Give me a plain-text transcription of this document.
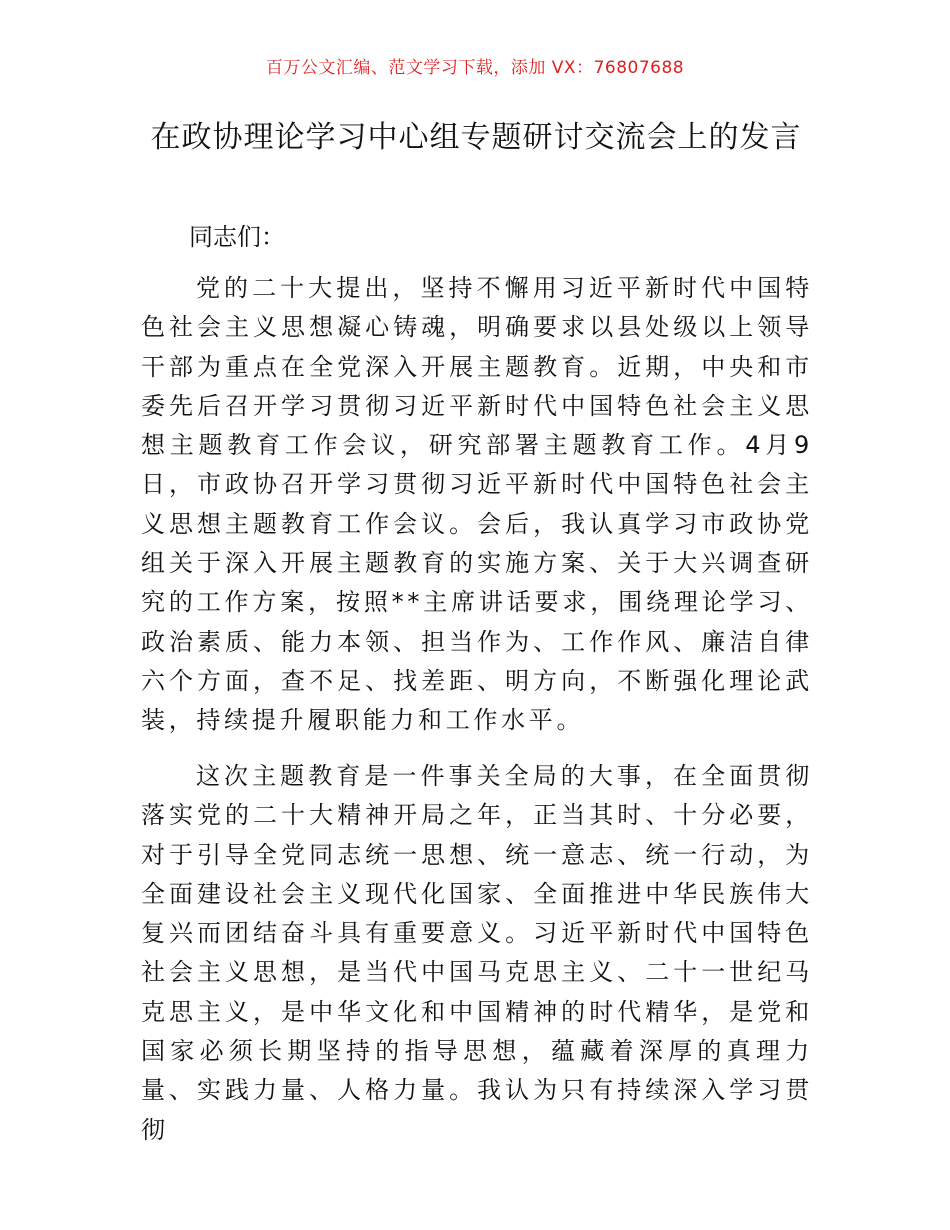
百万公文汇编、范文学习下载，添加 VX：76807688
在政协理论学习中心组专题研讨交流会上的发言
同志们：
党的二十大提出，坚持不懈用习近平新时代中国特色社会主义思想凝心铸魂，明确要求以县处级以上领导干部为重点在全党深入开展主题教育。近期，中央和市委先后召开学习贯彻习近平新时代中国特色社会主义思想主题教育工作会议，研究部署主题教育工作。4月9日，市政协召开学习贯彻习近平新时代中国特色社会主义思想主题教育工作会议。会后，我认真学习市政协党组关于深入开展主题教育的实施方案、关于大兴调查研究的工作方案，按照**主席讲话要求，围绕理论学习、政治素质、能力本领、担当作为、工作作风、廉洁自律六个方面，查不足、找差距、明方向，不断强化理论武装，持续提升履职能力和工作水平。
这次主题教育是一件事关全局的大事，在全面贯彻落实党的二十大精神开局之年，正当其时、十分必要，对于引导全党同志统一思想、统一意志、统一行动，为全面建设社会主义现代化国家、全面推进中华民族伟大复兴而团结奋斗具有重要意义。习近平新时代中国特色社会主义思想，是当代中国马克思主义、二十一世纪马克思主义，是中华文化和中国精神的时代精华，是党和国家必须长期坚持的指导思想，蕴藏着深厚的真理力量、实践力量、人格力量。我认为只有持续深入学习贯彻
